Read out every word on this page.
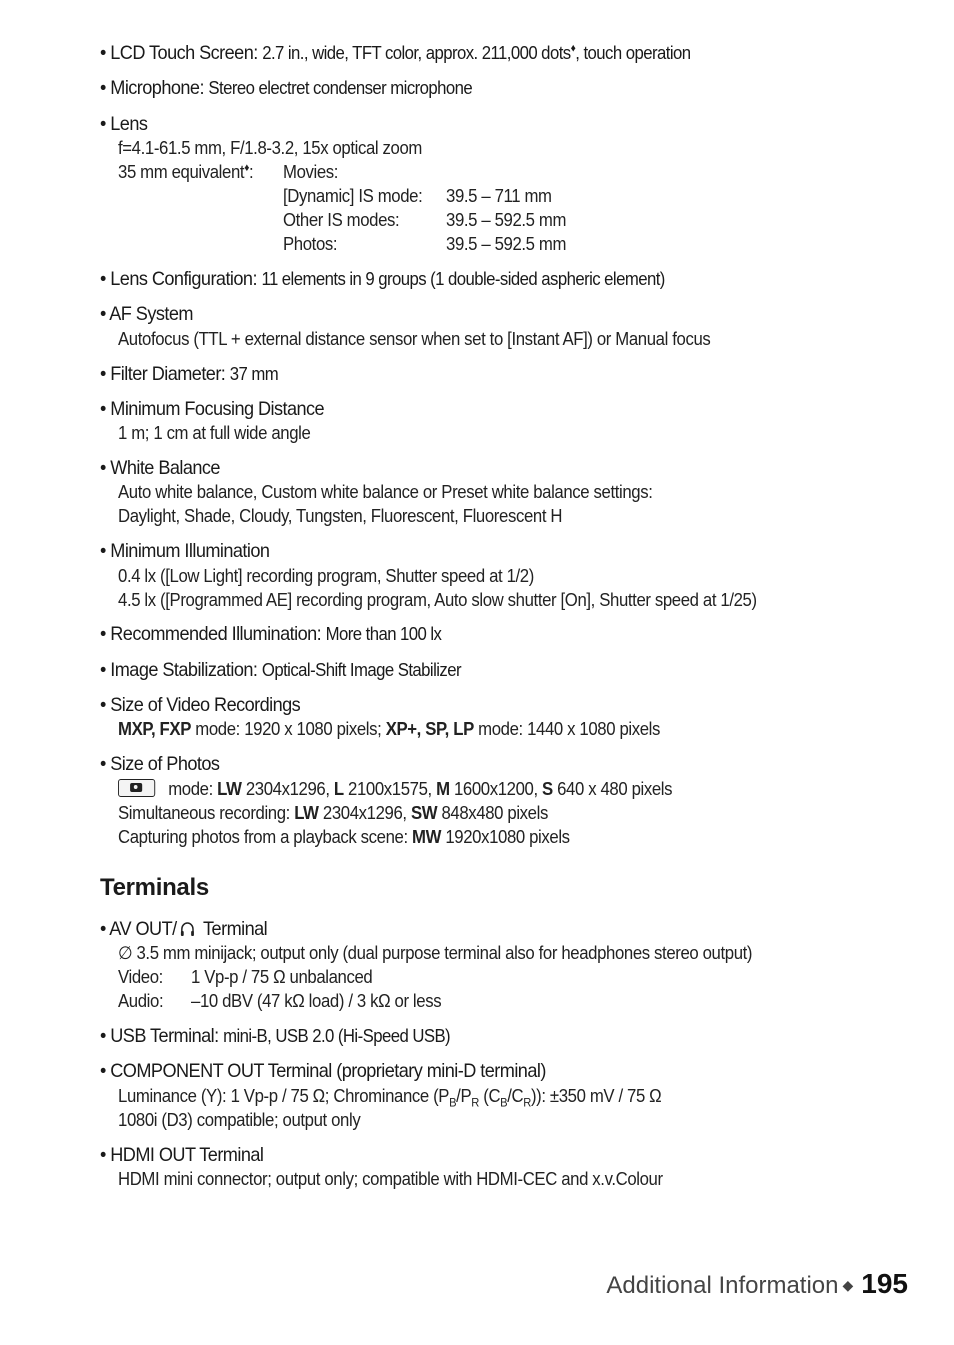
• LCD Touch Screen: 2.7 in., wide, TFT color, approx. 211,000 dots♦, touch operation
• Microphone: Stereo electret condenser microphone
• Lens
f=4.1-61.5 mm, F/1.8-3.2, 15x optical zoom
35 mm equivalent♦: Movies:
[Dynamic] IS mode: 39.5 – 711 mm
Other IS modes:	39.5 – 592.5 mm
Photos:	39.5 – 592.5 mm
• Lens Configuration: 11 elements in 9 groups (1 double-sided aspheric element)
• AF System
Autofocus (TTL + external distance sensor when set to [Instant AF]) or Manual focus
• Filter Diameter: 37 mm
• Minimum Focusing Distance
1 m; 1 cm at full wide angle
• White Balance
Auto white balance, Custom white balance or Preset white balance settings:
Daylight, Shade, Cloudy, Tungsten, Fluorescent, Fluorescent H
• Minimum Illumination
0.4 lx ([Low Light] recording program, Shutter speed at 1/2)
4.5 lx ([Programmed AE] recording program, Auto slow shutter [On], Shutter speed at 1/25)
• Recommended Illumination: More than 100 lx
• Image Stabilization: Optical-Shift Image Stabilizer
• Size of Video Recordings
MXP, FXP mode: 1920 x 1080 pixels; XP+, SP, LP mode: 1440 x 1080 pixels
• Size of Photos
mode: LW 2304x1296, L 2100x1575, M 1600x1200, S 640 x 480 pixels
Simultaneous recording: LW 2304x1296, SW 848x480 pixels
Capturing photos from a playback scene: MW 1920x1080 pixels
Terminals
• AV OUT/ Terminal
∅ 3.5 mm minijack; output only (dual purpose terminal also for headphones stereo output)
Video: 1 Vp-p / 75 Ω unbalanced
Audio: –10 dBV (47 kΩ load) / 3 kΩ or less
• USB Terminal: mini-B, USB 2.0 (Hi-Speed USB)
• COMPONENT OUT Terminal (proprietary mini-D terminal)
Luminance (Y): 1 Vp-p / 75 Ω; Chrominance ($P_B/P_R$ $(C_B/C_R)$): ±350 mV / 75 Ω
1080i (D3) compatible; output only
• HDMI OUT Terminal
HDMI mini connector; output only; compatible with HDMI-CEC and x.v.Colour
Additional Information ◆ 195
